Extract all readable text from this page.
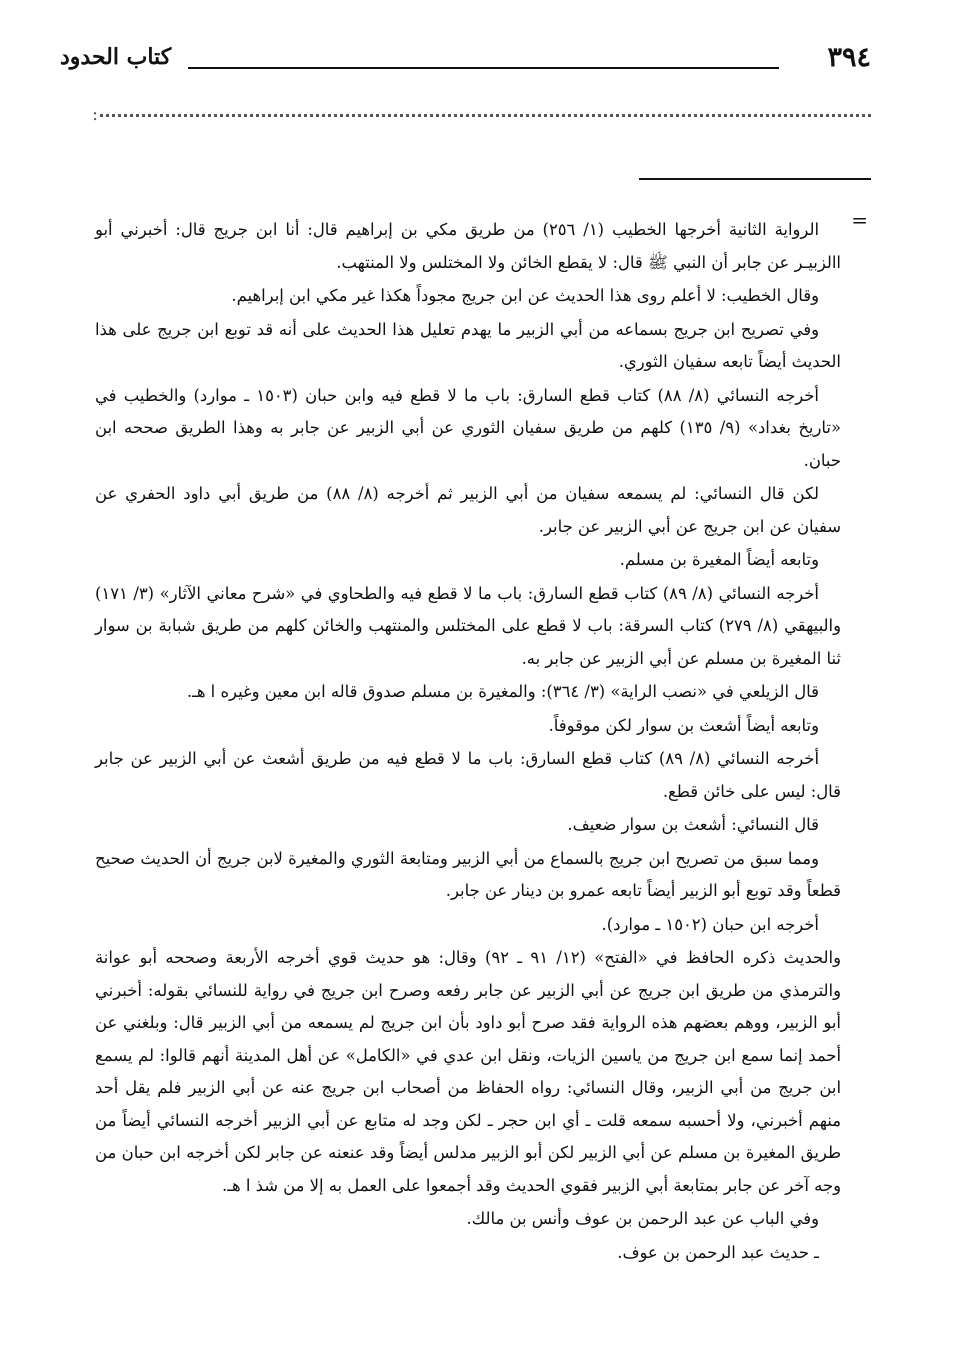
٣٩٤
كتاب الحدود
:
=

الرواية الثانية أخرجها الخطيب (١/ ٢٥٦) من طريق مكي بن إبراهيم قال: أنا ابن جريج قال: أخبرني أبو االزبيـر عن جابر أن النبي ﷺ قال: لا يقطع الخائن ولا المختلس ولا المنتهب.

وقال الخطيب: لا أعلم روى هذا الحديث عن ابن جريج مجوداً هكذا غير مكي ابن إبراهيم.

وفي تصريح ابن جريج بسماعه من أبي الزبير ما يهدم تعليل هذا الحديث على أنه قد توبع ابن جريج على هذا الحديث أيضاً تابعه سفيان الثوري.

أخرجه النسائي (٨/ ٨٨) كتاب قطع السارق: باب ما لا قطع فيه وابن حبان (١٥٠٣ ـ موارد) والخطيب في «تاريخ بغداد» (٩/ ١٣٥) كلهم من طريق سفيان الثوري عن أبي الزبير عن جابر به وهذا الطريق صححه ابن حبان.

لكن قال النسائي: لم يسمعه سفيان من أبي الزبير ثم أخرجه (٨/ ٨٨) من طريق أبي داود الحفري عن سفيان عن ابن جريج عن أبي الزبير عن جابر.

وتابعه أيضاً المغيرة بن مسلم.

أخرجه النسائي (٨/ ٨٩) كتاب قطع السارق: باب ما لا قطع فيه والطحاوي في «شرح معاني الآثار» (٣/ ١٧١) والبيهقي (٨/ ٢٧٩) كتاب السرقة: باب لا قطع على المختلس والمنتهب والخائن كلهم من طريق شبابة بن سوار ثنا المغيرة بن مسلم عن أبي الزبير عن جابر به.

قال الزيلعي في «نصب الراية» (٣/ ٣٦٤): والمغيرة بن مسلم صدوق قاله ابن معين وغيره ا هـ.

وتابعه أيضاً أشعث بن سوار لكن موقوفاً.

أخرجه النسائي (٨/ ٨٩) كتاب قطع السارق: باب ما لا قطع فيه من طريق أشعث عن أبي الزبير عن جابر قال: ليس على خائن قطع.

قال النسائي: أشعث بن سوار ضعيف.

ومما سبق من تصريح ابن جريج بالسماع من أبي الزبير ومتابعة الثوري والمغيرة لابن جريج أن الحديث صحيح قطعاً وقد توبع أبو الزبير أيضاً تابعه عمرو بن دينار عن جابر.

أخرجه ابن حبان (١٥٠٢ ـ موارد).

والحديث ذكره الحافظ في «الفتح» (١٢/ ٩١ ـ ٩٢) وقال: هو حديث قوي أخرجه الأربعة وصححه أبو عوانة والترمذي من طريق ابن جريج عن أبي الزبير عن جابر رفعه وصرح ابن جريج في رواية للنسائي بقوله: أخبرني أبو الزبير، ووهم بعضهم هذه الرواية فقد صرح أبو داود بأن ابن جريج لم يسمعه من أبي الزبير قال: وبلغني عن أحمد إنما سمع ابن جريج من ياسين الزيات، ونقل ابن عدي في «الكامل» عن أهل المدينة أنهم قالوا: لم يسمع ابن جريج من أبي الزبير، وقال النسائي: رواه الحفاظ من أصحاب ابن جريج عنه عن أبي الزبير فلم يقل أحد منهم أخبرني، ولا أحسبه سمعه قلت ـ أي ابن حجر ـ لكن وجد له متابع عن أبي الزبير أخرجه النسائي أيضاً من طريق المغيرة بن مسلم عن أبي الزبير لكن أبو الزبير مدلس أيضاً وقد عنعنه عن جابر لكن أخرجه ابن حبان من وجه آخر عن جابر بمتابعة أبي الزبير فقوي الحديث وقد أجمعوا على العمل به إلا من شذ ا هـ.

وفي الباب عن عبد الرحمن بن عوف وأنس بن مالك.

ـ حديث عبد الرحمن بن عوف.
